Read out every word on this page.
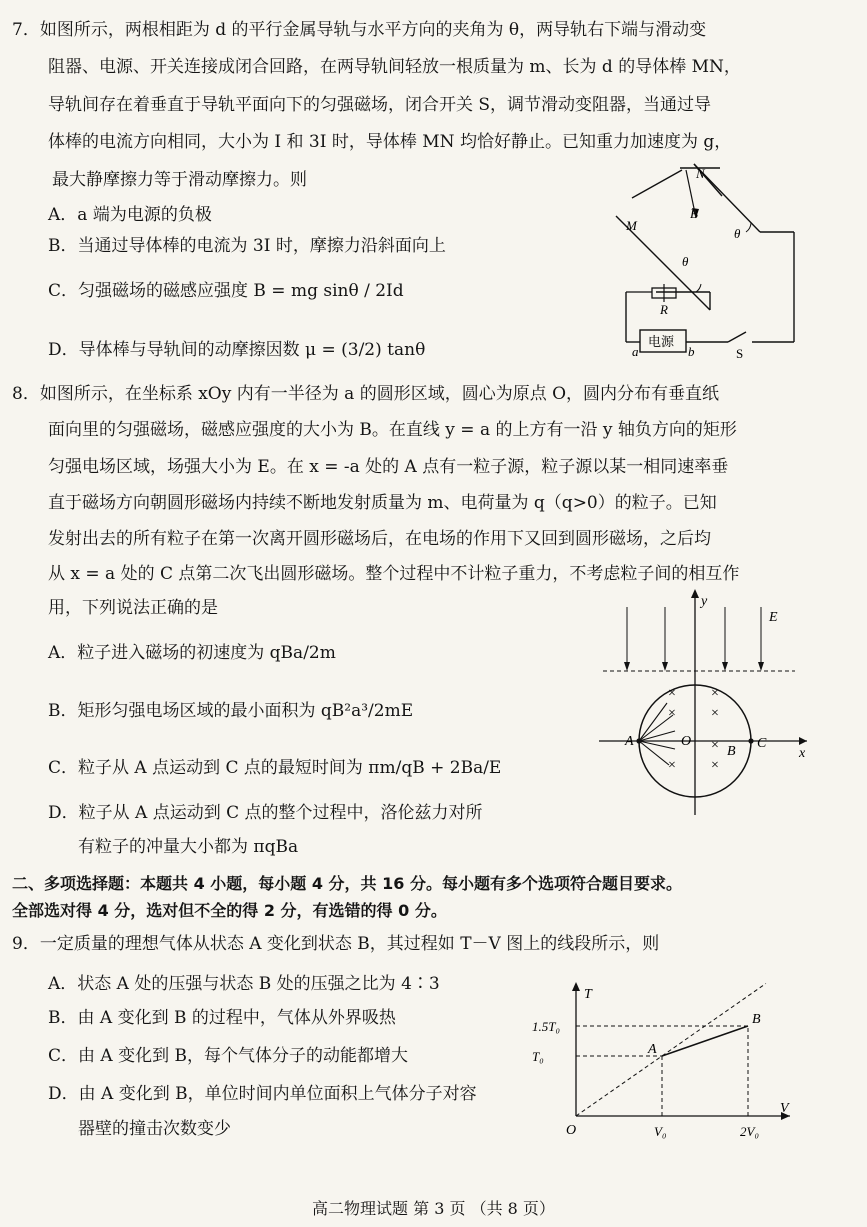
7．如图所示，两根相距为 d 的平行金属导轨与水平方向的夹角为 θ，两导轨右下端与滑动变
阻器、电源、开关连接成闭合回路，在两导轨间轻放一根质量为 m、长为 d 的导体棒 MN，
导轨间存在着垂直于导轨平面向下的匀强磁场，闭合开关 S，调节滑动变阻器，当通过导
体棒的电流方向相同，大小为 I 和 3I 时，导体棒 MN 均恰好静止。已知重力加速度为 g，
最大静摩擦力等于滑动摩擦力。则
A．a 端为电源的负极
B．当通过导体棒的电流为 3I 时，摩擦力沿斜面向上
C．匀强磁场的磁感应强度 B = mg sinθ / 2Id
D．导体棒与导轨间的动摩擦因数 μ = (3/2) tanθ
N
B
M
θ
θ
R
电源
a	b	S
8．如图所示，在坐标系 xOy 内有一半径为 a 的圆形区域，圆心为原点 O，圆内分布有垂直纸
面向里的匀强磁场，磁感应强度的大小为 B。在直线 y = a 的上方有一沿 y 轴负方向的矩形
匀强电场区域，场强大小为 E。在 x = -a 处的 A 点有一粒子源，粒子源以某一相同速率垂
直于磁场方向朝圆形磁场内持续不断地发射质量为 m、电荷量为 q（q>0）的粒子。已知
发射出去的所有粒子在第一次离开圆形磁场后，在电场的作用下又回到圆形磁场，之后均
从 x = a 处的 C 点第二次飞出圆形磁场。整个过程中不计粒子重力，不考虑粒子间的相互作
用，下列说法正确的是
A．粒子进入磁场的初速度为 qBa/2m
B．矩形匀强电场区域的最小面积为 qB²a³/2mE
C．粒子从 A 点运动到 C 点的最短时间为 πm/qB + 2Ba/E
D．粒子从 A 点运动到 C 点的整个过程中，洛伦兹力对所
有粒子的冲量大小都为 πqBa
×	×
×	×
×
×	×
y
x
E
A	O
B
C
二、多项选择题：本题共 4 小题，每小题 4 分，共 16 分。每小题有多个选项符合题目要求。
全部选对得 4 分，选对但不全的得 2 分，有选错的得 0 分。
9．一定质量的理想气体从状态 A 变化到状态 B，其过程如 T－V 图上的线段所示，则
A．状态 A 处的压强与状态 B 处的压强之比为 4∶3
B．由 A 变化到 B 的过程中，气体从外界吸热
C．由 A 变化到 B，每个气体分子的动能都增大
D．由 A 变化到 B，单位时间内单位面积上气体分子对容
器壁的撞击次数变少
T
V
O
A
B
V₀	2V₀
T₀
1.5T₀
高二物理试题 第 3 页 （共 8 页）
